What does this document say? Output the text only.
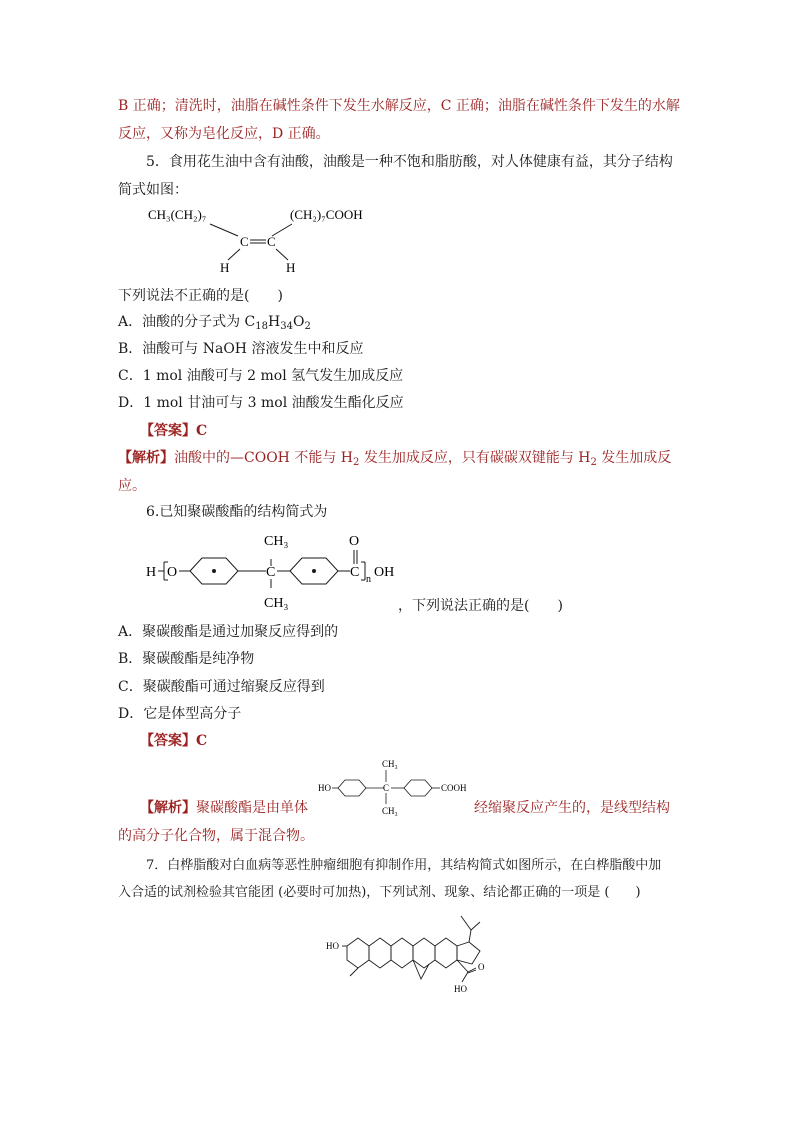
B 正确；清洗时，油脂在碱性条件下发生水解反应，C 正确；油脂在碱性条件下发生的水解
反应，又称为皂化反应，D 正确。
5．食用花生油中含有油酸，油酸是一种不饱和脂肪酸，对人体健康有益，其分子结构
简式如图：
CH₃(CH₂)₇	(CH₂)₇COOH
C C
H	H
下列说法不正确的是(　　)
A．油酸的分子式为 $C_{18}H_{34}O_2$
B．油酸可与 NaOH 溶液发生中和反应
C．1 mol 油酸可与 2 mol 氢气发生加成反应
D．1 mol 甘油可与 3 mol 油酸发生酯化反应
【答案】C
【解析】油酸中的—COOH 不能与 $H_2$ 发生加成反应，只有碳碳双键能与 $H_2$ 发生加成反
应。
6.已知聚碳酸酯的结构简式为
H O	C
CH₃
CH₃
C
O
n OH
，下列说法正确的是(　　)
A．聚碳酸酯是通过加聚反应得到的
B．聚碳酸酯是纯净物
C．聚碳酸酯可通过缩聚反应得到
D．它是体型高分子
【答案】C
【解析】聚碳酸酯是由单体
HO	C
CH₃
CH₃
COOH
经缩聚反应产生的，是线型结构
的高分子化合物，属于混合物。
7．白桦脂酸对白血病等恶性肿瘤细胞有抑制作用，其结构简式如图所示，在白桦脂酸中加
入合适的试剂检验其官能团 (必要时可加热)，下列试剂、现象、结论都正确的一项是 (　　)
HO
O
HO
